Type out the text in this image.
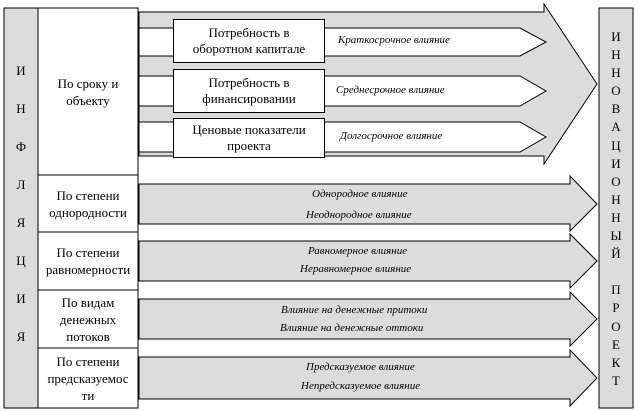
И
Н
Ф
Л
Я
Ц
И
Я
И
Н
Н
О
В
А
Ц
И
О
Н
Н
Ы
Й

П
Р
О
Е
К
Т
По сроку и
объекту
По степени
однородности
По степени
равномерности
По видам
денежных
потоков
По степени
предсказуемос
ти
Потребность в
оборотном капитале
Потребность в
финансировании
Ценовые показатели
проекта
Краткосрочное влияние
Среднесрочное влияние
Долгосрочное влияние
Однородное влияние
Неоднородное влияние
Равномерное влияние
Неравномерное влияние
Влияние на денежные притоки
Влияние на денежные оттоки
Предсказуемое влияние
Непредсказуемое влияние
